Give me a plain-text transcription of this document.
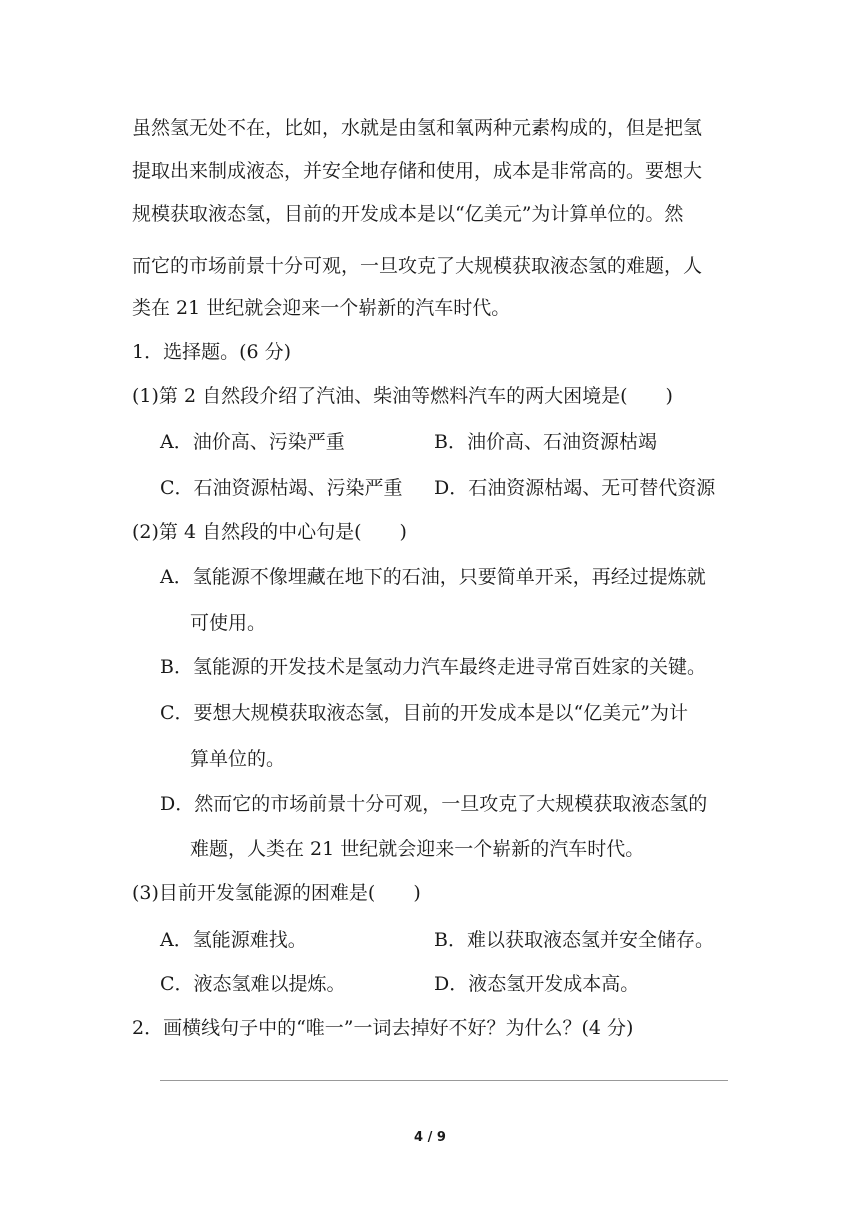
虽然氢无处不在，比如，水就是由氢和氧两种元素构成的，但是把氢
提取出来制成液态，并安全地存储和使用，成本是非常高的。要想大
规模获取液态氢，目前的开发成本是以“亿美元”为计算单位的。然
而它的市场前景十分可观，一旦攻克了大规模获取液态氢的难题，人
类在 21 世纪就会迎来一个崭新的汽车时代。
1．选择题。(6 分)
(1)第 2 自然段介绍了汽油、柴油等燃料汽车的两大困境是(　　)
A．油价高、污染严重	B．油价高、石油资源枯竭
C．石油资源枯竭、污染严重 D．石油资源枯竭、无可替代资源
(2)第 4 自然段的中心句是(　　)
A．氢能源不像埋藏在地下的石油，只要简单开采，再经过提炼就
可使用。
B．氢能源的开发技术是氢动力汽车最终走进寻常百姓家的关键。
C．要想大规模获取液态氢，目前的开发成本是以“亿美元”为计
算单位的。
D．然而它的市场前景十分可观，一旦攻克了大规模获取液态氢的
难题，人类在 21 世纪就会迎来一个崭新的汽车时代。
(3)目前开发氢能源的困难是(　　)
A．氢能源难找。	B．难以获取液态氢并安全储存。
C．液态氢难以提炼。	D．液态氢开发成本高。
2．画横线句子中的“唯一”一词去掉好不好？为什么？(4 分)
4 / 9
